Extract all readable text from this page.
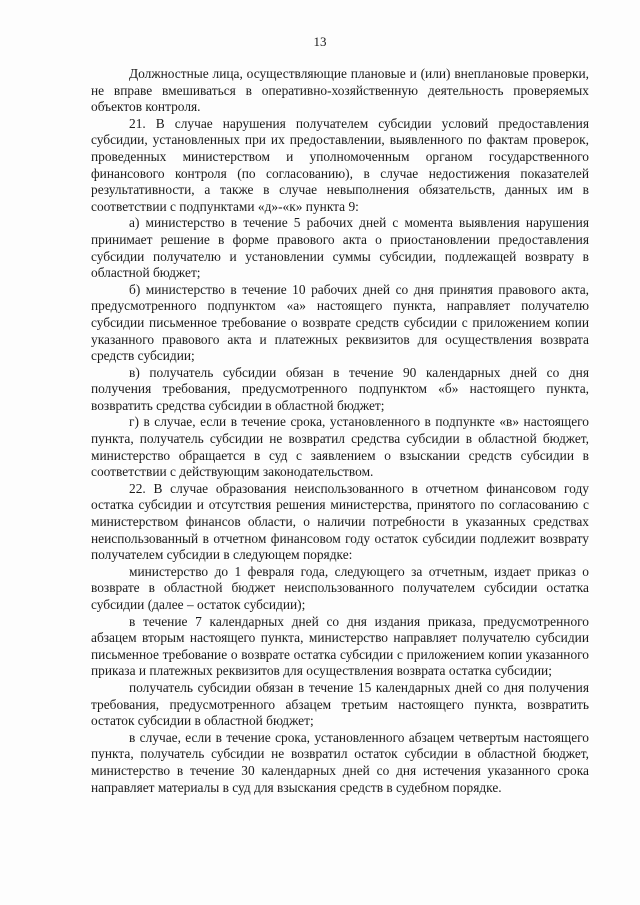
13

Должностные лица, осуществляющие плановые и (или) внеплановые проверки, не вправе вмешиваться в оперативно-хозяйственную деятельность проверяемых объектов контроля.

21. В случае нарушения получателем субсидии условий предоставления субсидии, установленных при их предоставлении, выявленного по фактам проверок, проведенных министерством и уполномоченным органом государственного финансового контроля (по согласованию), в случае недостижения показателей результативности, а также в случае невыполнения обязательств, данных им в соответствии с подпунктами «д»-«к» пункта 9:

а) министерство в течение 5 рабочих дней с момента выявления нарушения принимает решение в форме правового акта о приостановлении предоставления субсидии получателю и установлении суммы субсидии, подлежащей возврату в областной бюджет;

б) министерство в течение 10 рабочих дней со дня принятия правового акта, предусмотренного подпунктом «а» настоящего пункта, направляет получателю субсидии письменное требование о возврате средств субсидии с приложением копии указанного правового акта и платежных реквизитов для осуществления возврата средств субсидии;

в) получатель субсидии обязан в течение 90 календарных дней со дня получения требования, предусмотренного подпунктом «б» настоящего пункта, возвратить средства субсидии в областной бюджет;

г) в случае, если в течение срока, установленного в подпункте «в» настоящего пункта, получатель субсидии не возвратил средства субсидии в областной бюджет, министерство обращается в суд с заявлением о взыскании средств субсидии в соответствии с действующим законодательством.

22. В случае образования неиспользованного в отчетном финансовом году остатка субсидии и отсутствия решения министерства, принятого по согласованию с министерством финансов области, о наличии потребности в указанных средствах неиспользованный в отчетном финансовом году остаток субсидии подлежит возврату получателем субсидии в следующем порядке:

министерство до 1 февраля года, следующего за отчетным, издает приказ о возврате в областной бюджет неиспользованного получателем субсидии остатка субсидии (далее – остаток субсидии);

в течение 7 календарных дней со дня издания приказа, предусмотренного абзацем вторым настоящего пункта, министерство направляет получателю субсидии письменное требование о возврате остатка субсидии с приложением копии указанного приказа и платежных реквизитов для осуществления возврата остатка субсидии;

получатель субсидии обязан в течение 15 календарных дней со дня получения требования, предусмотренного абзацем третьим настоящего пункта, возвратить остаток субсидии в областной бюджет;

в случае, если в течение срока, установленного абзацем четвертым настоящего пункта, получатель субсидии не возвратил остаток субсидии в областной бюджет, министерство в течение 30 календарных дней со дня истечения указанного срока направляет материалы в суд для взыскания средств в судебном порядке.
